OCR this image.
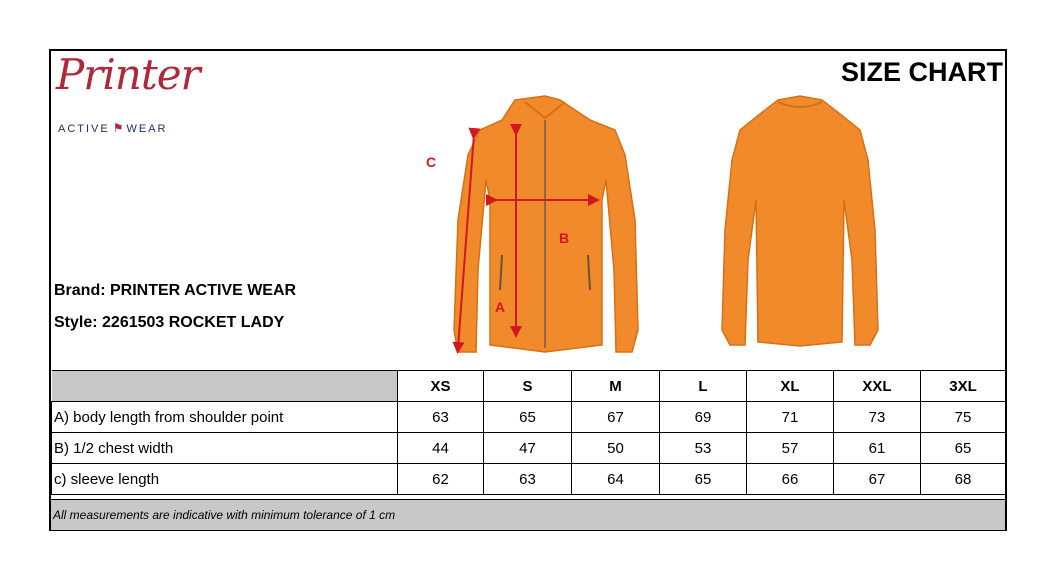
Printer
ACTIVE ⚑ WEAR
SIZE CHART
Brand: PRINTER ACTIVE WEAR
Style: 2261503 ROCKET LADY
A
B
C
	XS	S	M	L	XL	XXL	3XL
A) body length from shoulder point	63	65	67	69	71	73	75
B) 1/2 chest width	44	47	50	53	57	61	65
c) sleeve length	62	63	64	65	66	67	68
All measurements are indicative with minimum tolerance of 1 cm
